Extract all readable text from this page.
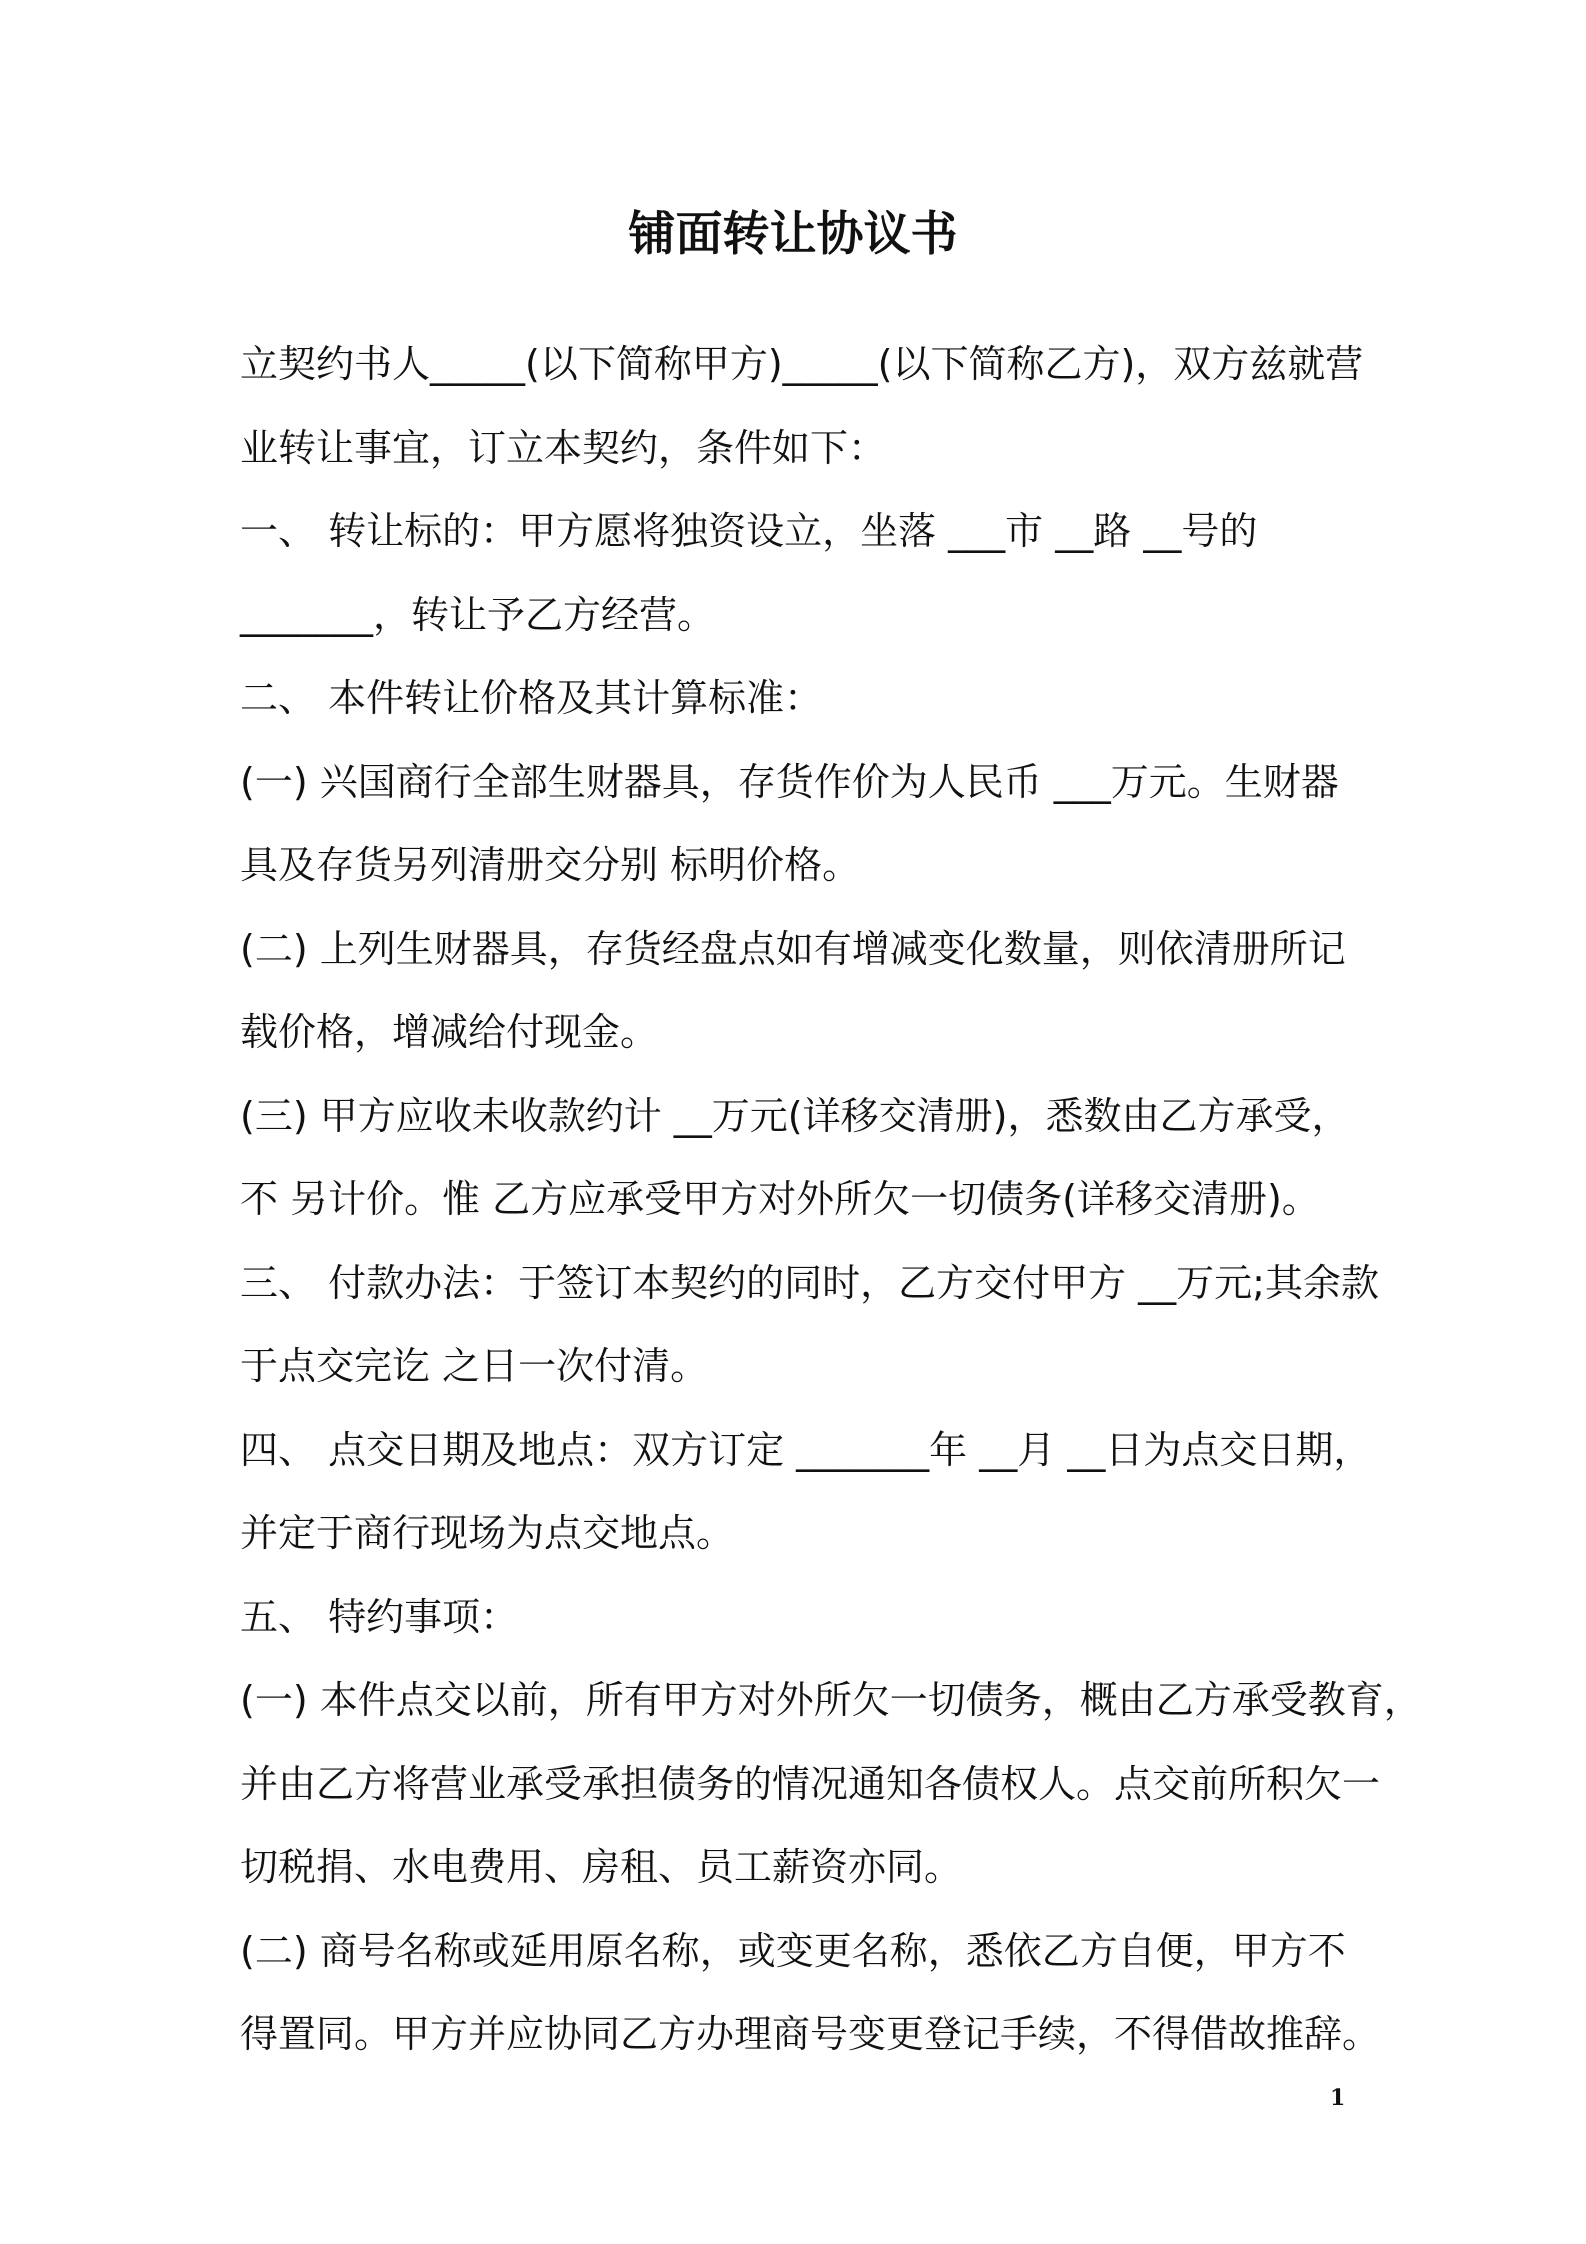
铺面转让协议书
立契约书人_____(以下简称甲方)_____(以下简称乙方)，双方兹就营
业转让事宜，订立本契约，条件如下：
一、 转让标的：甲方愿将独资设立，坐落 ___市 __路 __号的
_______，转让予乙方经营。
二、 本件转让价格及其计算标准：
(一) 兴国商行全部生财器具，存货作价为人民币 ___万元。生财器
具及存货另列清册交分别 标明价格。
(二) 上列生财器具，存货经盘点如有增减变化数量，则依清册所记
载价格，增减给付现金。
(三) 甲方应收未收款约计 __万元(详移交清册)，悉数由乙方承受，
不 另计价。惟 乙方应承受甲方对外所欠一切债务(详移交清册)。
三、 付款办法：于签订本契约的同时，乙方交付甲方 __万元;其余款
于点交完讫 之日一次付清。
四、 点交日期及地点：双方订定 _______年 __月 __日为点交日期，
并定于商行现场为点交地点。
五、 特约事项：
(一) 本件点交以前，所有甲方对外所欠一切债务，概由乙方承受教育，
并由乙方将营业承受承担债务的情况通知各债权人。点交前所积欠一
切税捐、水电费用、房租、员工薪资亦同。
(二) 商号名称或延用原名称，或变更名称，悉依乙方自便，甲方不
得置同。甲方并应协同乙方办理商号变更登记手续，不得借故推辞。
1
